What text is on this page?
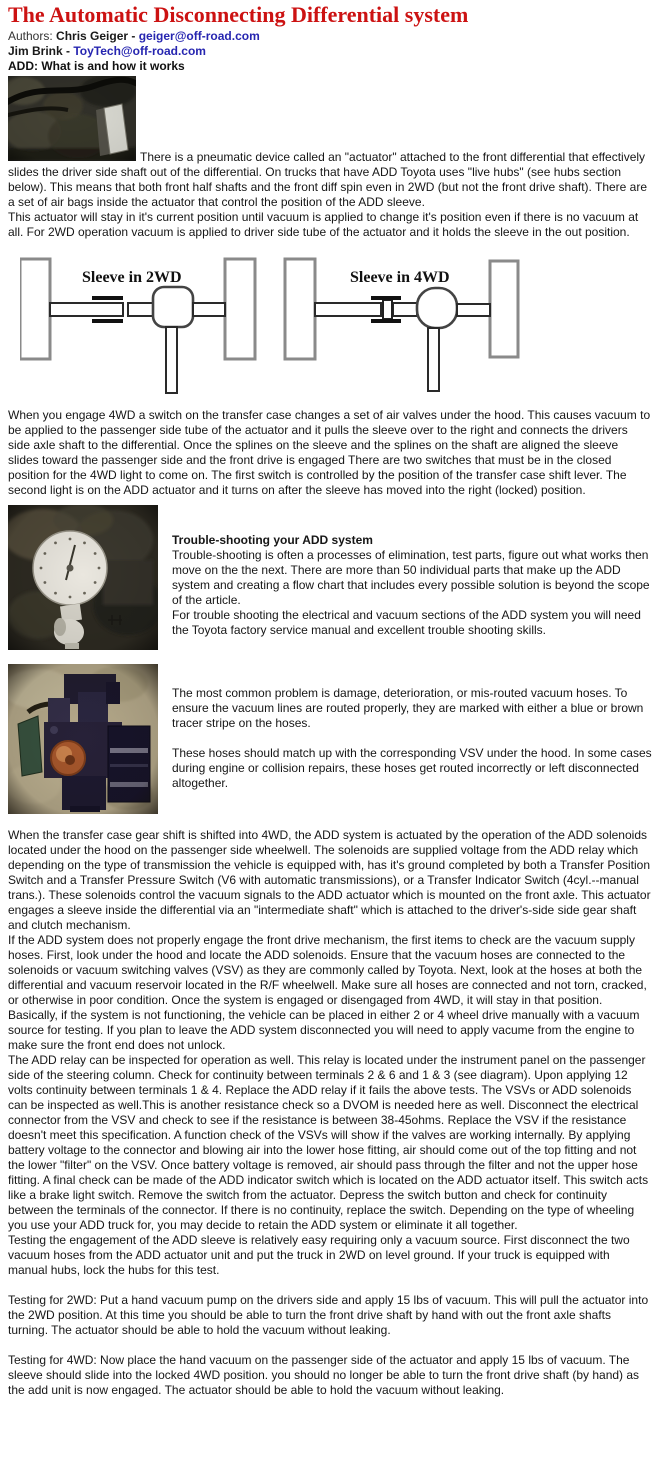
The Automatic Disconnecting Differential system
Authors: Chris Geiger - geiger@off-road.com
Jim Brink - ToyTech@off-road.com
ADD: What is and how it works
There is a pneumatic device called an "actuator" attached to the front differential that effectively slides the driver side shaft out of the differential. On trucks that have ADD Toyota uses "live hubs" (see hubs section below). This means that both front half shafts and the front diff spin even in 2WD (but not the front drive shaft). There are a set of air bags inside the actuator that control the position of the ADD sleeve.
This actuator will stay in it's current position until vacuum is applied to change it's position even if there is no vacuum at all. For 2WD operation vacuum is applied to driver side tube of the actuator and it holds the sleeve in the out position.
Sleeve in 2WD	Sleeve in 4WD
When you engage 4WD a switch on the transfer case changes a set of air valves under the hood. This causes vacuum to be applied to the passenger side tube of the actuator and it pulls the sleeve over to the right and connects the drivers side axle shaft to the differential. Once the splines on the sleeve and the splines on the shaft are aligned the sleeve slides toward the passenger side and the front drive is engaged There are two switches that must be in the closed position for the 4WD light to come on. The first switch is controlled by the position of the transfer case shift lever. The second light is on the ADD actuator and it turns on after the sleeve has moved into the right (locked) position.
Trouble-shooting your ADD system
Trouble-shooting is often a processes of elimination, test parts, figure out what works then move on the the next. There are more than 50 individual parts that make up the ADD system and creating a flow chart that includes every possible solution is beyond the scope of the article.
For trouble shooting the electrical and vacuum sections of the ADD system you will need the Toyota factory service manual and excellent trouble shooting skills.
The most common problem is damage, deterioration, or mis-routed vacuum hoses. To ensure the vacuum lines are routed properly, they are marked with either a blue or brown tracer stripe on the hoses.
These hoses should match up with the corresponding VSV under the hood. In some cases during engine or collision repairs, these hoses get routed incorrectly or left disconnected altogether.
When the transfer case gear shift is shifted into 4WD, the ADD system is actuated by the operation of the ADD solenoids located under the hood on the passenger side wheelwell. The solenoids are supplied voltage from the ADD relay which depending on the type of transmission the vehicle is equipped with, has it's ground completed by both a Transfer Position Switch and a Transfer Pressure Switch (V6 with automatic transmissions), or a Transfer Indicator Switch (4cyl.--manual trans.). These solenoids control the vacuum signals to the ADD actuator which is mounted on the front axle. This actuator engages a sleeve inside the differential via an "intermediate shaft" which is attached to the driver's-side side gear shaft and clutch mechanism.
If the ADD system does not properly engage the front drive mechanism, the first items to check are the vacuum supply hoses. First, look under the hood and locate the ADD solenoids. Ensure that the vacuum hoses are connected to the solenoids or vacuum switching valves (VSV) as they are commonly called by Toyota. Next, look at the hoses at both the differential and vacuum reservoir located in the R/F wheelwell. Make sure all hoses are connected and not torn, cracked, or otherwise in poor condition. Once the system is engaged or disengaged from 4WD, it will stay in that position. Basically, if the system is not functioning, the vehicle can be placed in either 2 or 4 wheel drive manually with a vacuum source for testing. If you plan to leave the ADD system disconnected you will need to apply vacume from the engine to make sure the front end does not unlock.
The ADD relay can be inspected for operation as well. This relay is located under the instrument panel on the passenger side of the steering column. Check for continuity between terminals 2 & 6 and 1 & 3 (see diagram). Upon applying 12 volts continuity between terminals 1 & 4. Replace the ADD relay if it fails the above tests. The VSVs or ADD solenoids can be inspected as well.This is another resistance check so a DVOM is needed here as well. Disconnect the electrical connector from the VSV and check to see if the resistance is between 38-45ohms. Replace the VSV if the resistance doesn't meet this specification. A function check of the VSVs will show if the valves are working internally. By applying battery voltage to the connector and blowing air into the lower hose fitting, air should come out of the top fitting and not the lower "filter" on the VSV. Once battery voltage is removed, air should pass through the filter and not the upper hose fitting. A final check can be made of the ADD indicator switch which is located on the ADD actuator itself. This switch acts like a brake light switch. Remove the switch from the actuator. Depress the switch button and check for continuity between the terminals of the connector. If there is no continuity, replace the switch. Depending on the type of wheeling you use your ADD truck for, you may decide to retain the ADD system or eliminate it all together.
Testing the engagement of the ADD sleeve is relatively easy requiring only a vacuum source. First disconnect the two vacuum hoses from the ADD actuator unit and put the truck in 2WD on level ground. If your truck is equipped with manual hubs, lock the hubs for this test.
Testing for 2WD: Put a hand vacuum pump on the drivers side and apply 15 lbs of vacuum. This will pull the actuator into the 2WD position. At this time you should be able to turn the front drive shaft by hand with out the front axle shafts turning. The actuator should be able to hold the vacuum without leaking.
Testing for 4WD: Now place the hand vacuum on the passenger side of the actuator and apply 15 lbs of vacuum. The sleeve should slide into the locked 4WD position. you should no longer be able to turn the front drive shaft (by hand) as the add unit is now engaged. The actuator should be able to hold the vacuum without leaking.
